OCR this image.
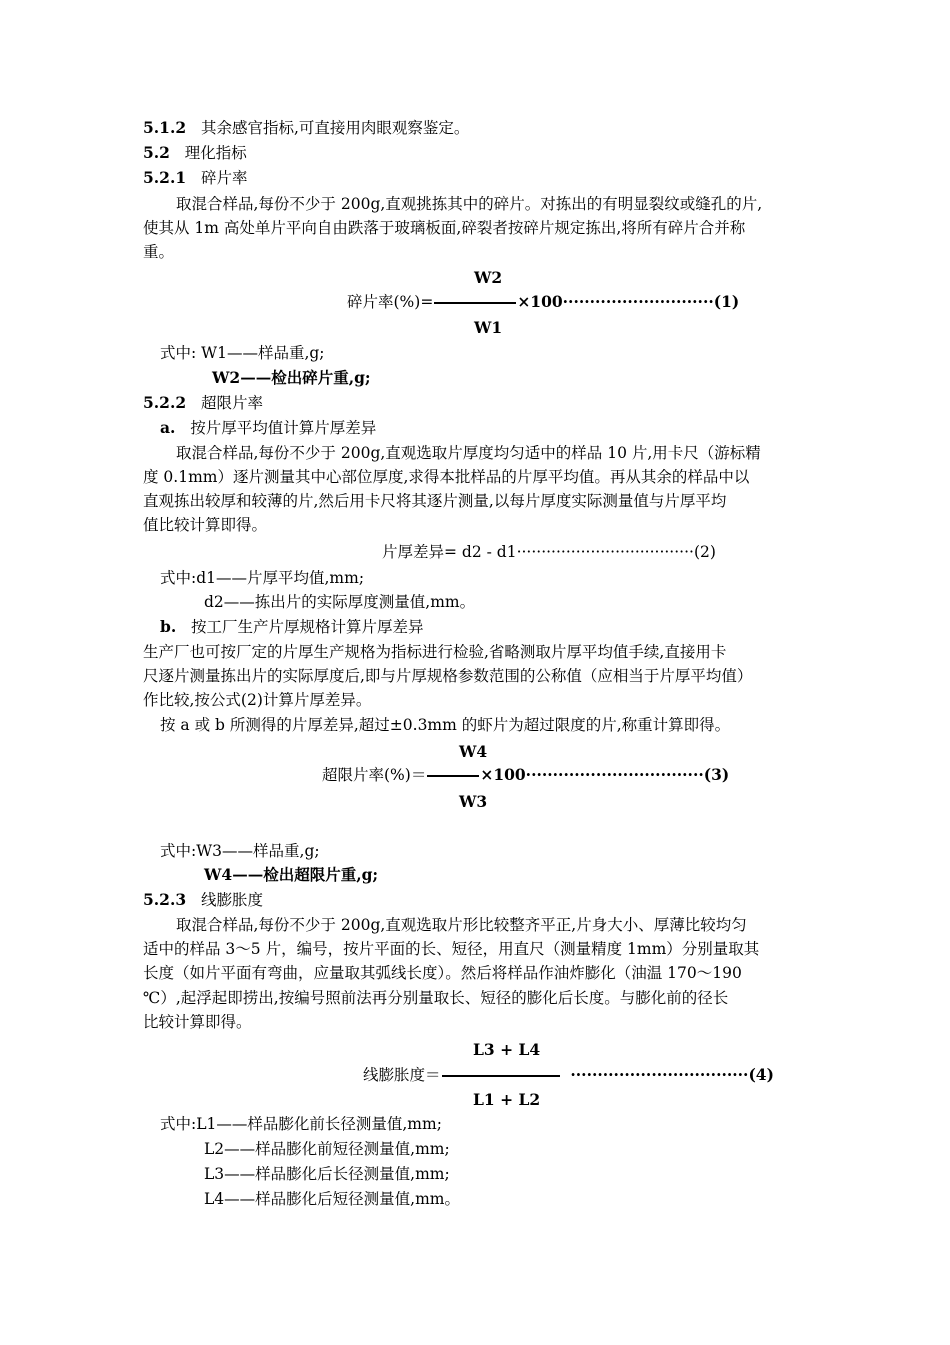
5.1.2 其余感官指标,可直接用肉眼观察鉴定。
5.2 理化指标
5.2.1 碎片率
取混合样品,每份不少于 200g,直观挑拣其中的碎片。对拣出的有明显裂纹或缝孔的片,
使其从 1m 高处单片平向自由跌落于玻璃板面,碎裂者按碎片规定拣出,将所有碎片合并称
重。
W2
碎片率(%)=	×100····························(1)
W1
式中: W1——样品重,g;
W2——检出碎片重,g;
5.2.2 超限片率
a. 按片厚平均值计算片厚差异
取混合样品,每份不少于 200g,直观选取片厚度均匀适中的样品 10 片,用卡尺（游标精
度 0.1mm）逐片测量其中心部位厚度,求得本批样品的片厚平均值。再从其余的样品中以
直观拣出较厚和较薄的片,然后用卡尺将其逐片测量,以每片厚度实际测量值与片厚平均
值比较计算即得。
片厚差异= d2 - d1····································(2)
式中:d1——片厚平均值,mm;
d2——拣出片的实际厚度测量值,mm。
b. 按工厂生产片厚规格计算片厚差异
生产厂也可按厂定的片厚生产规格为指标进行检验,省略测取片厚平均值手续,直接用卡
尺逐片测量拣出片的实际厚度后,即与片厚规格参数范围的公称值（应相当于片厚平均值）
作比较,按公式(2)计算片厚差异。
按 a 或 b 所测得的片厚差异,超过±0.3mm 的虾片为超过限度的片,称重计算即得。
W4
超限片率(%)＝	×100·································(3)
W3
式中:W3——样品重,g;
W4——检出超限片重,g;
5.2.3 线膨胀度
取混合样品,每份不少于 200g,直观选取片形比较整齐平正,片身大小、厚薄比较均匀
适中的样品 3～5 片，编号，按片平面的长、短径，用直尺（测量精度 1mm）分别量取其
长度（如片平面有弯曲，应量取其弧线长度）。然后将样品作油炸膨化（油温 170～190
℃）,起浮起即捞出,按编号照前法再分别量取长、短径的膨化后长度。与膨化前的径长
比较计算即得。
L3 + L4
线膨胀度＝	·································(4)
L1 + L2
式中:L1——样品膨化前长径测量值,mm;
L2——样品膨化前短径测量值,mm;
L3——样品膨化后长径测量值,mm;
L4——样品膨化后短径测量值,mm。
